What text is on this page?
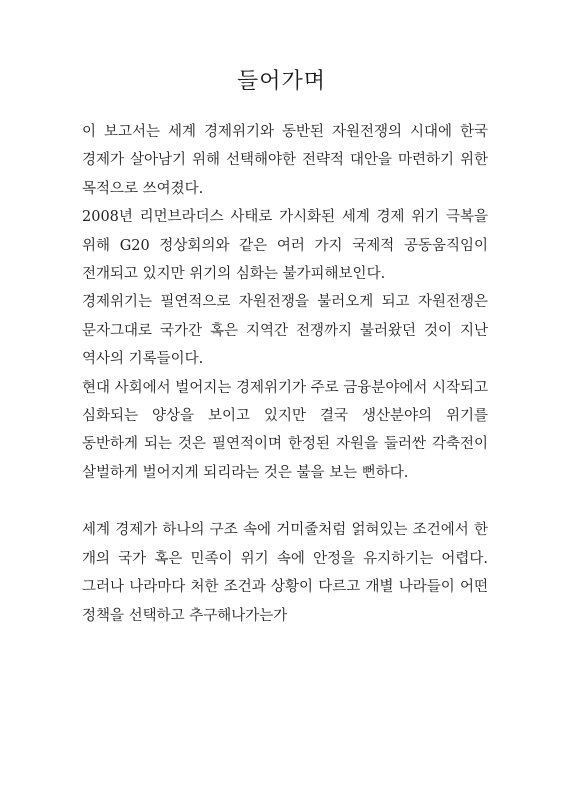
들어가며

이 보고서는 세계 경제위기와 동반된 자원전쟁의 시대에 한국 경제가 살아남기 위해 선택해야한 전략적 대안을 마련하기 위한 목적으로 쓰여졌다.

2008년 리먼브라더스 사태로 가시화된 세계 경제 위기 극복을 위해 G20 정상회의와 같은 여러 가지 국제적 공동움직임이 전개되고 있지만 위기의 심화는 불가피해보인다.

경제위기는 필연적으로 자원전쟁을 불러오게 되고 자원전쟁은 문자그대로 국가간 혹은 지역간 전쟁까지 불러왔던 것이 지난 역사의 기록들이다.

현대 사회에서 벌어지는 경제위기가 주로 금융분야에서 시작되고 심화되는 양상을 보이고 있지만 결국 생산분야의 위기를 동반하게 되는 것은 필연적이며 한정된 자원을 둘러싼 각축전이 살벌하게 벌어지게 되리라는 것은 불을 보는 뻔하다.

세계 경제가 하나의 구조 속에 거미줄처럼 얽혀있는 조건에서 한 개의 국가 혹은 민족이 위기 속에 안정을 유지하기는 어렵다. 그러나 나라마다 처한 조건과 상황이 다르고 개별 나라들이 어떤 정책을 선택하고 추구해나가는가
